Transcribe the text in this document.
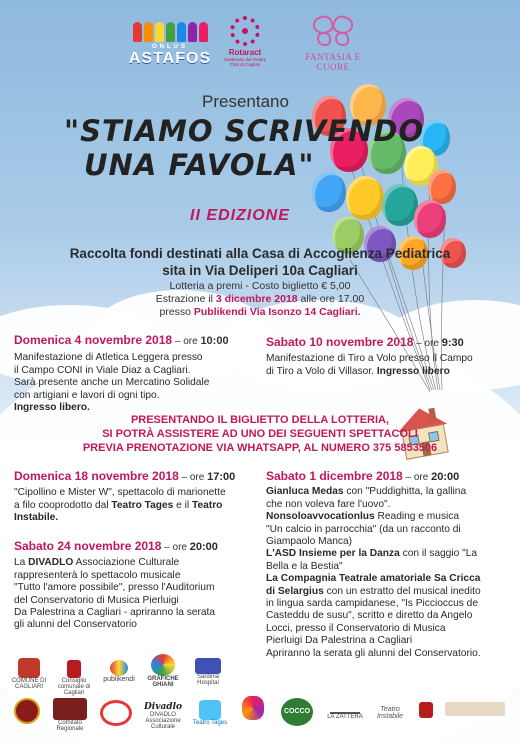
ONLUS
ASTAFOS	Rotaract
Sostenuto dal Rotary
Club di Cagliari
FANTASIA E CUORE
Presentano
"STIAMO SCRIVENDO
UNA FAVOLA"
II EDIZIONE
Raccolta fondi destinati alla Casa di Accoglienza Pediatrica
sita in Via Deliperi 10a Cagliari
Lotteria a premi - Costo biglietto € 5,00
Estrazione il 3 dicembre 2018 alle ore 17.00
presso Publikendi Via Isonzo 14 Cagliari.
Domenica 4 novembre 2018 – ore 10:00
Manifestazione di Atletica Leggera presso
il Campo CONI in Viale Diaz a Cagliari.
Sarà presente anche un Mercatino Solidale
con artigiani e lavori di ogni tipo.
Ingresso libero.
Sabato 10 novembre 2018 – ore 9:30
Manifestazione di Tiro a Volo presso il Campo
di Tiro a Volo di Villasor. Ingresso libero
PRESENTANDO IL BIGLIETTO DELLA LOTTERIA,
SI POTRÀ ASSISTERE AD UNO DEI SEGUENTI SPETTACOLI
PREVIA PRENOTAZIONE VIA WHATSAPP, AL NUMERO 375 5853506
Domenica 18 novembre 2018 – ore 17:00
"Cipollino e Mister W", spettacolo di marionette
a filo cooprodotto dal Teatro Tages e il Teatro
Instabile.
Sabato 24 novembre 2018 – ore 20:00
La DIVADLO Associazione Culturale
rappresenterà lo spettacolo musicale
"Tutto l'amore possibile", presso l'Auditorium
del Conservatorio di Musica Pierluigi
Da Palestrina a Cagliari - apriranno la serata
gli alunni del Conservatorio
Sabato 1 dicembre 2018 – ore 20:00
Gianluca Medas con "Puddighitta, la gallina
che non voleva fare l'uovo".
Nonsoloavvocationlus Reading e musica
"Un calcio in parrocchia" (da un racconto di
Giampaolo Manca)
L'ASD Insieme per la Danza con il saggio "La
Bella e la Bestia"
La Compagnia Teatrale amatoriale Sa Cricca
di Selargius con un estratto del musical inedito
in lingua sarda campidanese, "Is Piccioccus de
Casteddu de susu", scritto e diretto da Angelo
Locci, presso il Conservatorio di Musica
Pierluigi Da Palestrina a Cagliari
Apriranno la serata gli alunni del Conservatorio.
COMUNE DI CAGLIARI
Consiglio comunale di Cagliari
publikendi	GRAFICHE GHIANI
Sardinia Hospital
Comitato Regionale
Divadlo
DIVADLO Associazione Culturale
Teatro Tages
COCCO
LA ZATTERA
Teatro Instabile
